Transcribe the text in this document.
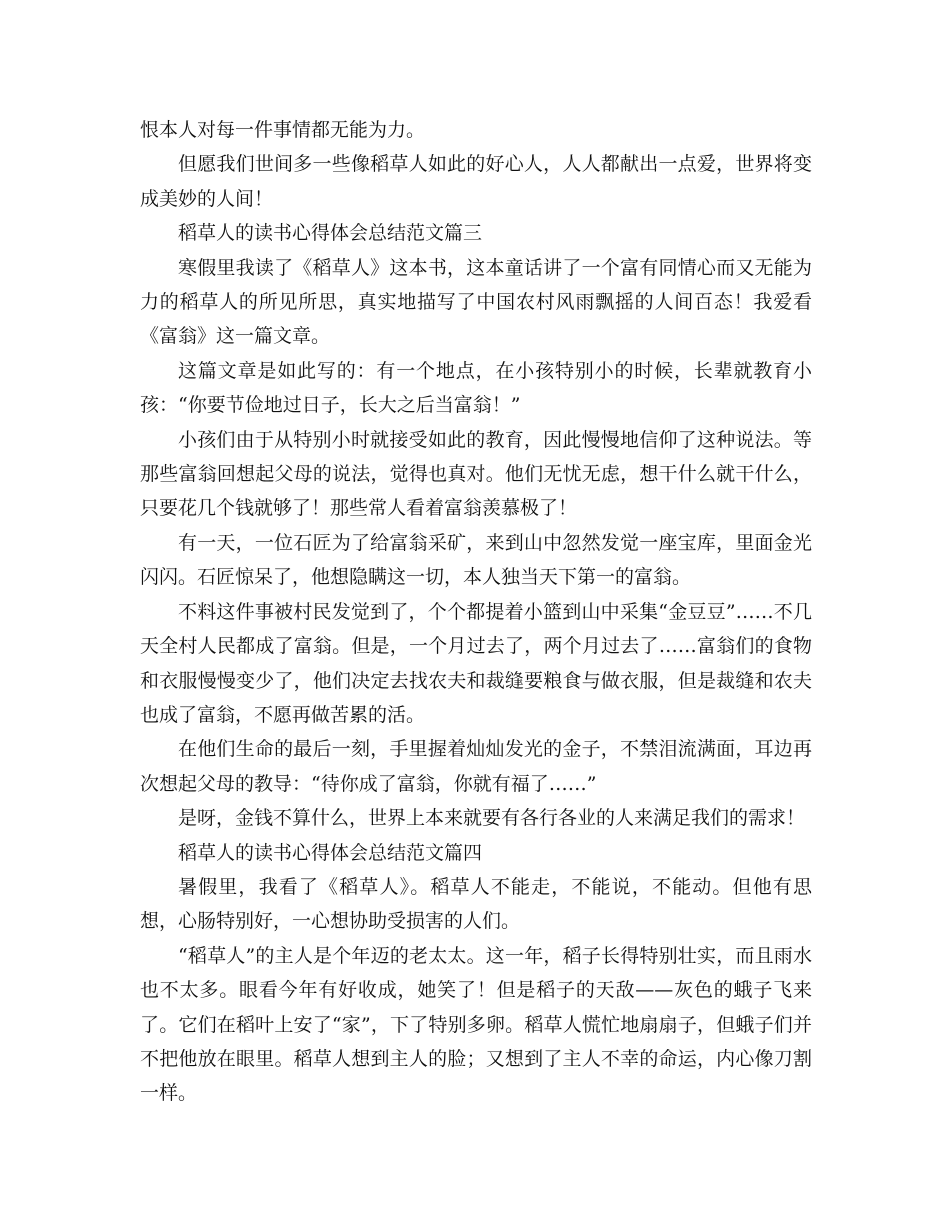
恨本人对每一件事情都无能为力。

但愿我们世间多一些像稻草人如此的好心人，人人都献出一点爱，世界将变成美妙的人间！

稻草人的读书心得体会总结范文篇三

寒假里我读了《稻草人》这本书，这本童话讲了一个富有同情心而又无能为力的稻草人的所见所思，真实地描写了中国农村风雨飘摇的人间百态！我爱看《富翁》这一篇文章。

这篇文章是如此写的：有一个地点，在小孩特别小的时候，长辈就教育小孩：“你要节俭地过日子，长大之后当富翁！”

小孩们由于从特别小时就接受如此的教育，因此慢慢地信仰了这种说法。等那些富翁回想起父母的说法，觉得也真对。他们无忧无虑，想干什么就干什么，只要花几个钱就够了！那些常人看着富翁羡慕极了！

有一天，一位石匠为了给富翁采矿，来到山中忽然发觉一座宝库，里面金光闪闪。石匠惊呆了，他想隐瞒这一切，本人独当天下第一的富翁。

不料这件事被村民发觉到了，个个都提着小篮到山中采集“金豆豆”……不几天全村人民都成了富翁。但是，一个月过去了，两个月过去了……富翁们的食物和衣服慢慢变少了，他们决定去找农夫和裁缝要粮食与做衣服，但是裁缝和农夫也成了富翁，不愿再做苦累的活。

在他们生命的最后一刻，手里握着灿灿发光的金子，不禁泪流满面，耳边再次想起父母的教导：“待你成了富翁，你就有福了……”

是呀，金钱不算什么，世界上本来就要有各行各业的人来满足我们的需求！

稻草人的读书心得体会总结范文篇四

暑假里，我看了《稻草人》。稻草人不能走，不能说，不能动。但他有思想，心肠特别好，一心想协助受损害的人们。

“稻草人”的主人是个年迈的老太太。这一年，稻子长得特别壮实，而且雨水也不太多。眼看今年有好收成，她笑了！但是稻子的天敌——灰色的蛾子飞来了。它们在稻叶上安了“家”，下了特别多卵。稻草人慌忙地扇扇子，但蛾子们并不把他放在眼里。稻草人想到主人的脸；又想到了主人不幸的命运，内心像刀割一样。
